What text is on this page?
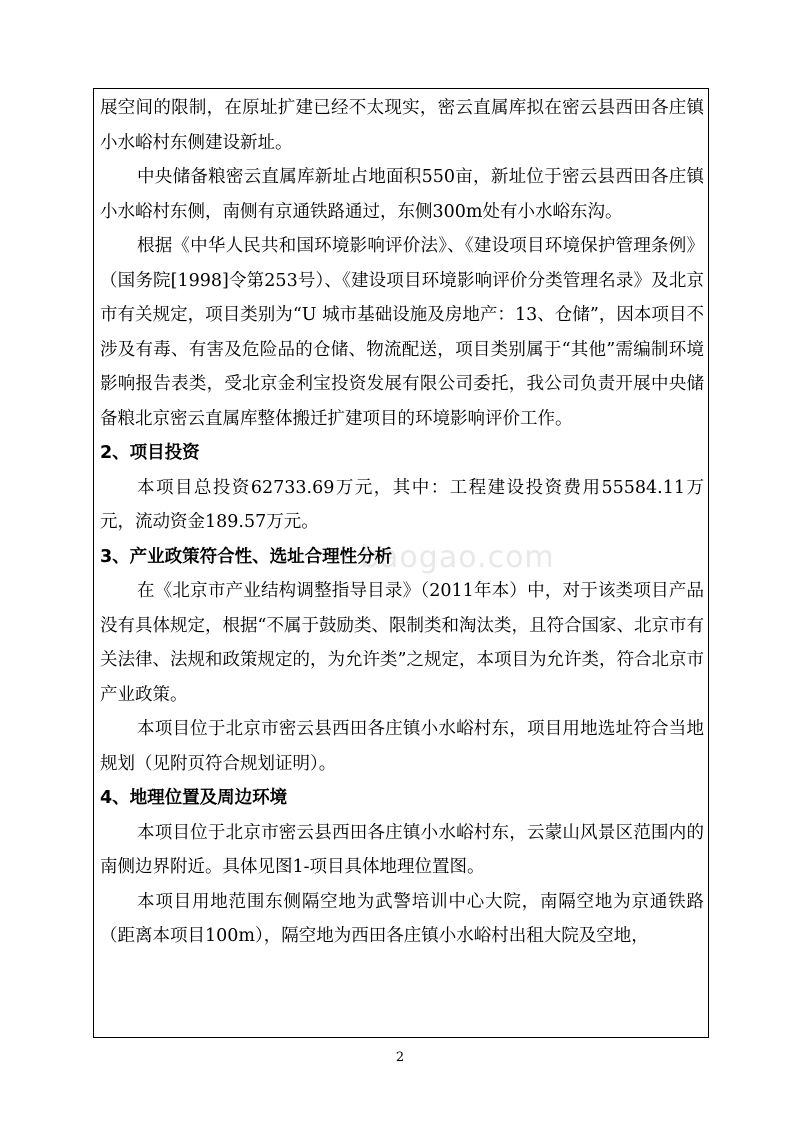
baogao.com

展空间的限制，在原址扩建已经不太现实，密云直属库拟在密云县西田各庄镇小水峪村东侧建设新址。

中央储备粮密云直属库新址占地面积550亩，新址位于密云县西田各庄镇小水峪村东侧，南侧有京通铁路通过，东侧300m处有小水峪东沟。

根据《中华人民共和国环境影响评价法》、《建设项目环境保护管理条例》（国务院[1998]令第253号）、《建设项目环境影响评价分类管理名录》及北京市有关规定，项目类别为“U 城市基础设施及房地产：13、仓储”，因本项目不涉及有毒、有害及危险品的仓储、物流配送，项目类别属于“其他”需编制环境影响报告表类，受北京金利宝投资发展有限公司委托，我公司负责开展中央储备粮北京密云直属库整体搬迁扩建项目的环境影响评价工作。

2、项目投资

本项目总投资62733.69万元，其中：工程建设投资费用55584.11万元，流动资金189.57万元。

3、产业政策符合性、选址合理性分析

在《北京市产业结构调整指导目录》（2011年本）中，对于该类项目产品没有具体规定，根据“不属于鼓励类、限制类和淘汰类，且符合国家、北京市有关法律、法规和政策规定的，为允许类”之规定，本项目为允许类，符合北京市产业政策。

本项目位于北京市密云县西田各庄镇小水峪村东，项目用地选址符合当地规划（见附页符合规划证明）。

4、地理位置及周边环境

本项目位于北京市密云县西田各庄镇小水峪村东，云蒙山风景区范围内的南侧边界附近。具体见图1-项目具体地理位置图。

本项目用地范围东侧隔空地为武警培训中心大院，南隔空地为京通铁路（距离本项目100m），隔空地为西田各庄镇小水峪村出租大院及空地，

2
